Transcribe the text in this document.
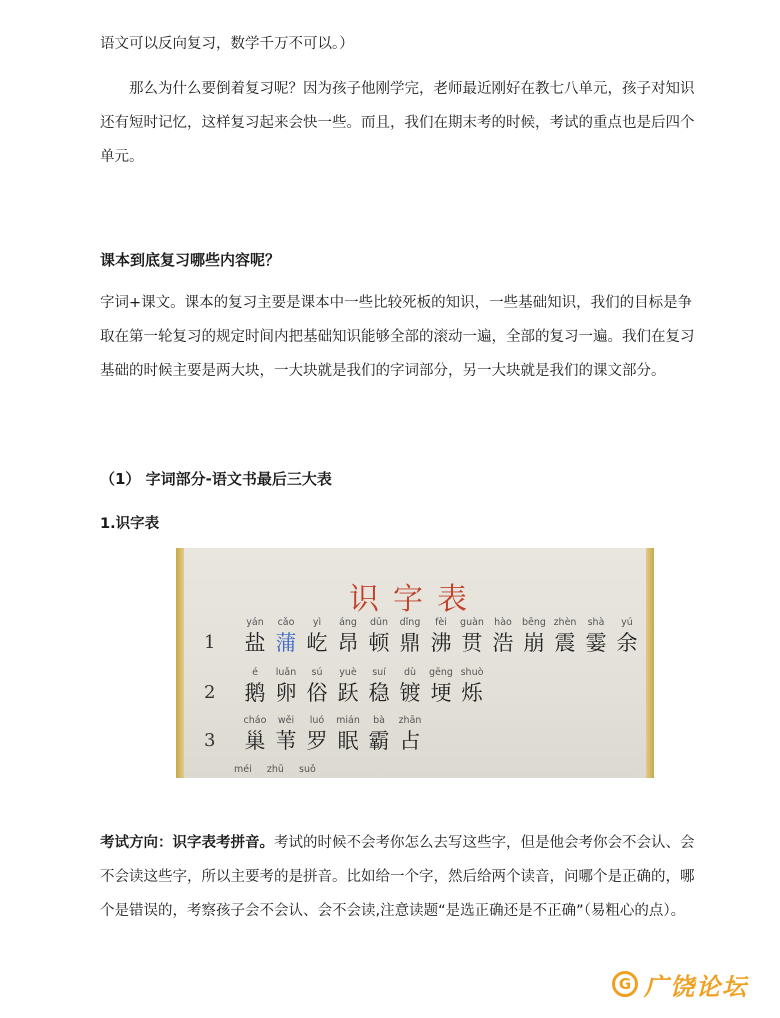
语文可以反向复习，数学千万不可以。）

那么为什么要倒着复习呢？因为孩子他刚学完，老师最近刚好在教七八单元，孩子对知识还有短时记忆，这样复习起来会快一些。而且，我们在期末考的时候，考试的重点也是后四个单元。

课本到底复习哪些内容呢？

字词+课文。课本的复习主要是课本中一些比较死板的知识，一些基础知识，我们的目标是争取在第一轮复习的规定时间内把基础知识能够全部的滚动一遍，全部的复习一遍。我们在复习基础的时候主要是两大块，一大块就是我们的字词部分，另一大块就是我们的课文部分。

（1） 字词部分-语文书最后三大表
1.识字表
识字表
1
yán
盐
cǎo
蒲
yì
屹
áng
昂
dūn
顿
dǐng
鼎
fèi
沸
guàn
贯
hào
浩
bēng
崩
zhèn
震
shà
霎
yú
余
2
é
鹅
luǎn
卵
sú
俗
yuè
跃
suí
稳
dù
镀
gēng
埂
shuò
烁
3
cháo
巢
wěi
苇
luó
罗
mián
眠
bà
霸
zhān
占
méi zhū suǒ

考试方向：识字表考拼音。考试的时候不会考你怎么去写这些字，但是他会考你会不会认、会不会读这些字，所以主要考的是拼音。比如给一个字，然后给两个读音，问哪个是正确的，哪个是错误的，考察孩子会不会认、会不会读,注意读题“是选正确还是不正确”（易粗心的点）。

G 广饶论坛
